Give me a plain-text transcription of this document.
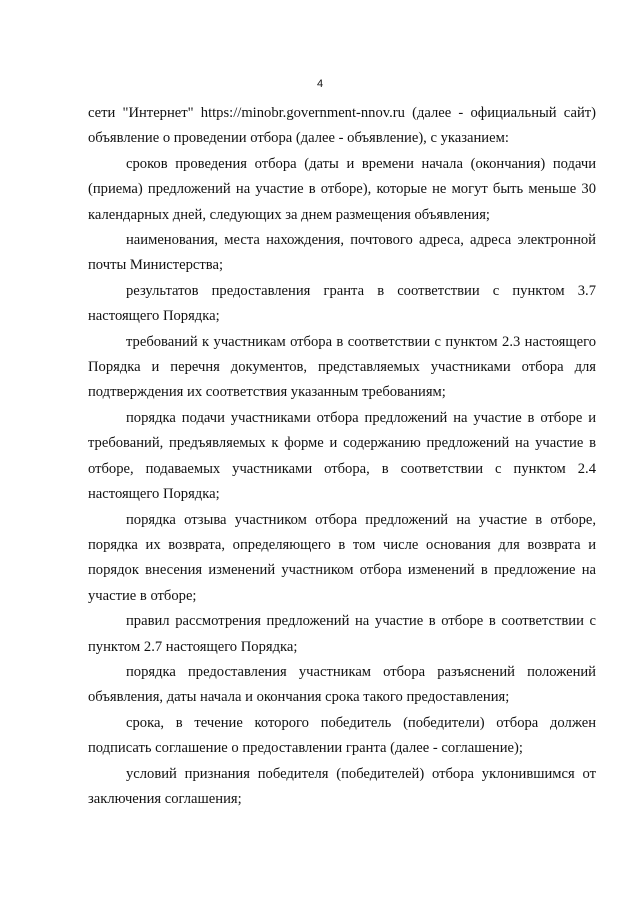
4

сети "Интернет" https://minobr.government-nnov.ru (далее - официальный сайт) объявление о проведении отбора (далее - объявление), с указанием:

сроков проведения отбора (даты и времени начала (окончания) подачи (приема) предложений на участие в отборе), которые не могут быть меньше 30 календарных дней, следующих за днем размещения объявления;

наименования, места нахождения, почтового адреса, адреса электронной почты Министерства;

результатов предоставления гранта в соответствии с пунктом 3.7 настоящего Порядка;

требований к участникам отбора в соответствии с пунктом 2.3 настоящего Порядка и перечня документов, представляемых участниками отбора для подтверждения их соответствия указанным требованиям;

порядка подачи участниками отбора предложений на участие в отборе и требований, предъявляемых к форме и содержанию предложений на участие в отборе, подаваемых участниками отбора, в соответствии с пунктом 2.4 настоящего Порядка;

порядка отзыва участником отбора предложений на участие в отборе, порядка их возврата, определяющего в том числе основания для возврата и порядок внесения изменений участником отбора изменений в предложение на участие в отборе;

правил рассмотрения предложений на участие в отборе в соответствии с пунктом 2.7 настоящего Порядка;

порядка предоставления участникам отбора разъяснений положений объявления, даты начала и окончания срока такого предоставления;

срока, в течение которого победитель (победители) отбора должен подписать соглашение о предоставлении гранта (далее - соглашение);

условий признания победителя (победителей) отбора уклонившимся от заключения соглашения;
